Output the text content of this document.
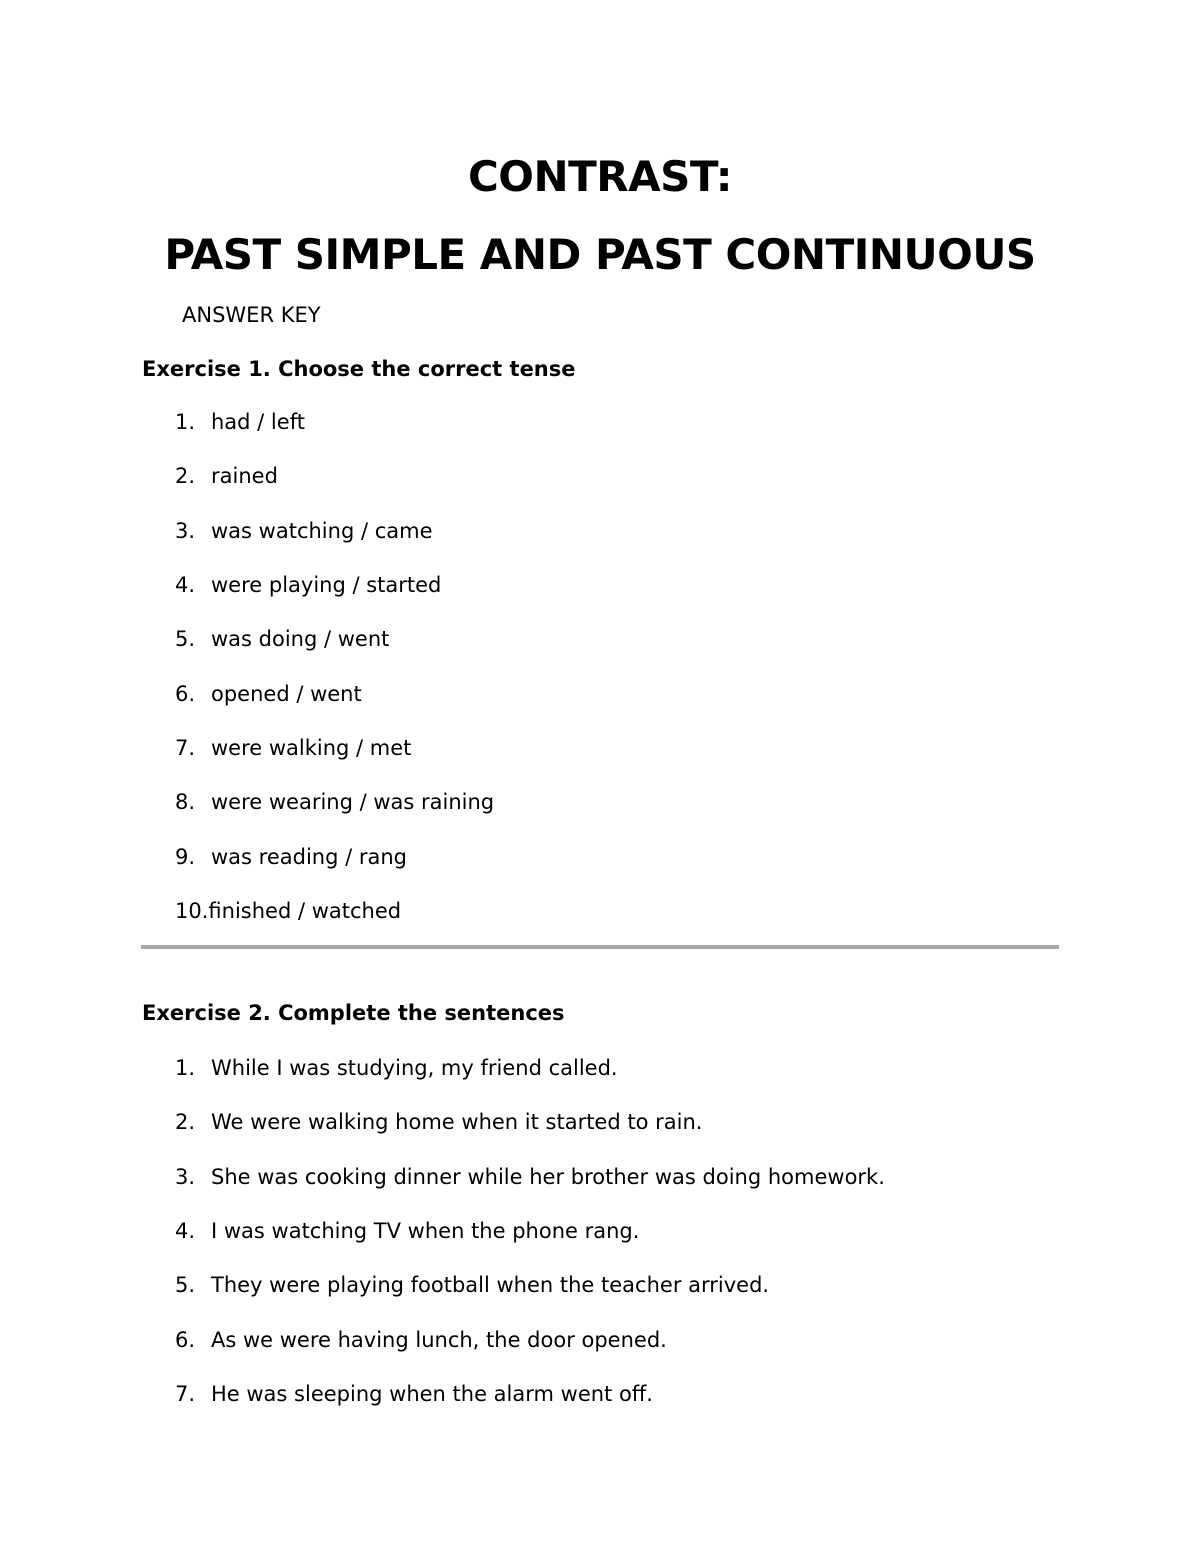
CONTRAST:
PAST SIMPLE AND PAST CONTINUOUS
ANSWER KEY
Exercise 1. Choose the correct tense
1. had / left
2. rained
3. was watching / came
4. were playing / started
5. was doing / went
6. opened / went
7. were walking / met
8. were wearing / was raining
9. was reading / rang
10.finished / watched
Exercise 2. Complete the sentences
1. While I was studying, my friend called.
2. We were walking home when it started to rain.
3. She was cooking dinner while her brother was doing homework.
4. I was watching TV when the phone rang.
5. They were playing football when the teacher arrived.
6. As we were having lunch, the door opened.
7. He was sleeping when the alarm went off.
